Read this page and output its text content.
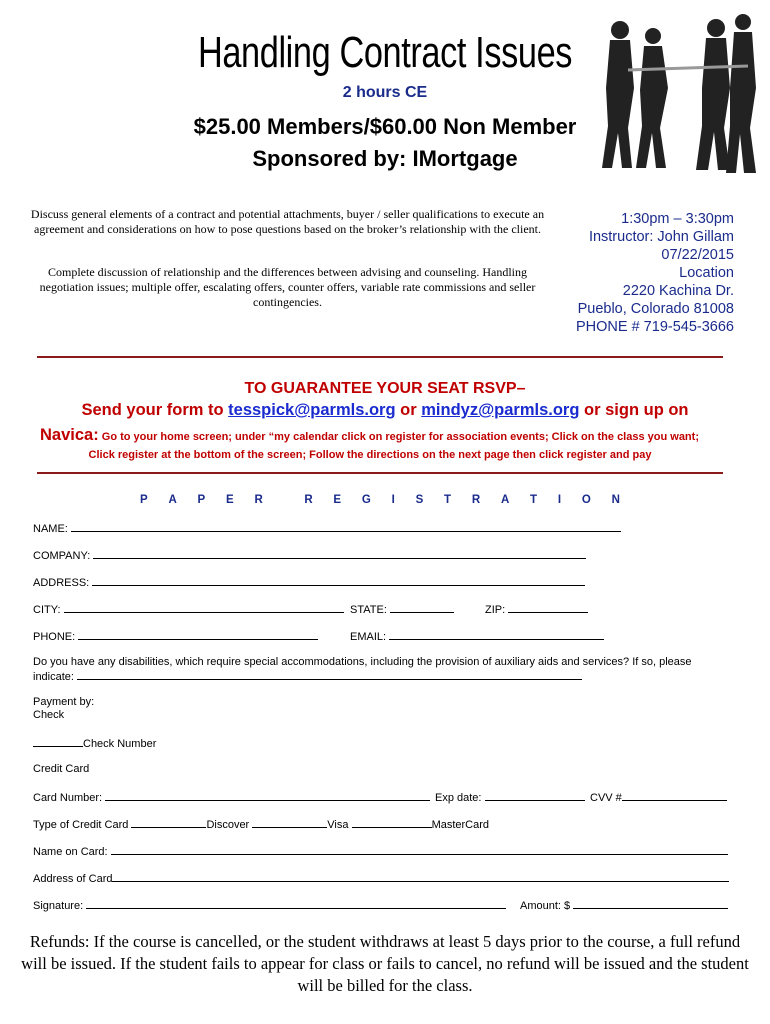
Handling Contract Issues
2 hours CE
$25.00 Members/$60.00 Non Member
Sponsored by: IMortgage
Discuss general elements of a contract and potential attachments, buyer / seller qualifications to execute an agreement and considerations on how to pose questions based on the broker’s relationship with the client.
Complete discussion of relationship and the differences between advising and counseling. Handling negotiation issues; multiple offer, escalating offers, counter offers, variable rate commissions and seller contingencies.
1:30pm – 3:30pm
Instructor: John Gillam
07/22/2015
Location
2220 Kachina Dr.
Pueblo, Colorado 81008
PHONE # 719-545-3666
TO GUARANTEE YOUR SEAT RSVP–
Send your form to tesspick@parmls.org or mindyz@parmls.org or sign up on
Navica: Go to your home screen; under “my calendar click on register for association events; Click on the class you want;

Click register at the bottom of the screen; Follow the directions on the next page then click register and pay
P A P E R	R E G I S T R A T I O N
NAME:
COMPANY:
ADDRESS:
CITY:	STATE:	ZIP:
PHONE:	EMAIL:
Do you have any disabilities, which require special accommodations, including the provision of auxiliary aids and services? If so, please
indicate:
Payment by:
Check
Check Number
Credit Card
Card Number:	Exp date:	CVV #
Type of Credit Card	Discover	Visa	MasterCard
Name on Card:
Address of Card
Signature:	Amount: $
Refunds: If the course is cancelled, or the student withdraws at least 5 days prior to the course, a full refund will be issued. If the student fails to appear for class or fails to cancel, no refund will be issued and the student will be billed for the class.
